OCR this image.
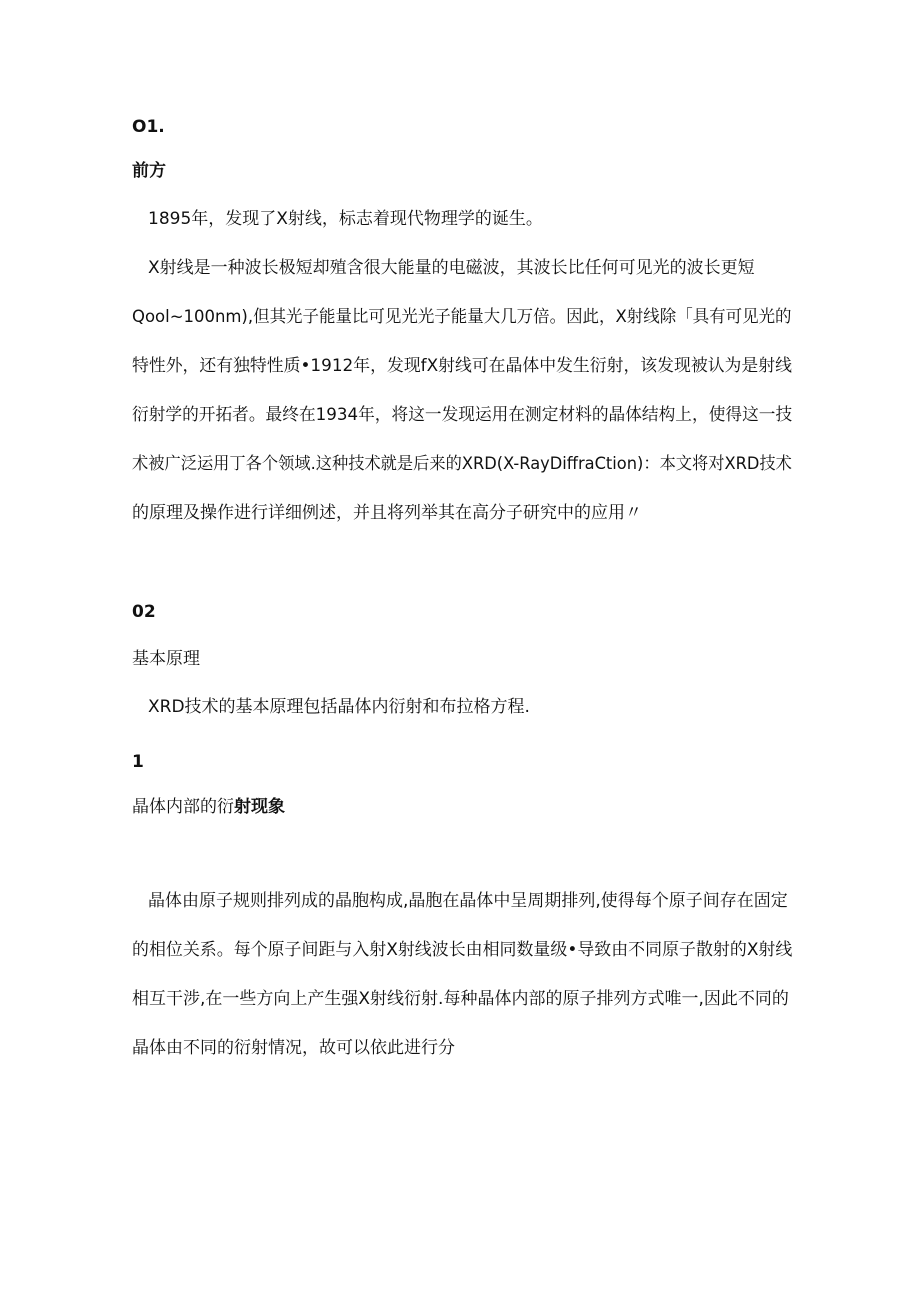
O1.
前方
1895年，发现了X射线，标志着现代物理学的诞生。
X射线是一种波长极短却殖含很大能量的电磁波，其波长比任何可见光的波长更短
Qool~100nm),但其光子能量比可见光光子能量大几万倍。因此，X射线除「具有可见光的
特性外，还有独特性质•1912年，发现fX射线可在晶体中发生衍射，该发现被认为是射线
衍射学的开拓者。最终在1934年，将这一发现运用在测定材料的晶体结构上，使得这一技
术被广泛运用丁各个领域.这种技术就是后来的XRD(X-RayDiffraCtion)：本文将对XRD技术
的原理及操作进行详细例述，并且将列举其在高分子研究中的应用〃
02
基本原理
XRD技术的基本原理包括晶体内衍射和布拉格方程.
1
晶体内部的衍射现象
晶体由原子规则排列成的晶胞构成,晶胞在晶体中呈周期排列,使得每个原子间存在固定
的相位关系。每个原子间距与入射X射线波长由相同数量级•导致由不同原子散射的X射线
相互干涉,在一些方向上产生强X射线衍射.每种晶体内部的原子排列方式唯一,因此不同的
晶体由不同的衍射情况，故可以依此进行分
